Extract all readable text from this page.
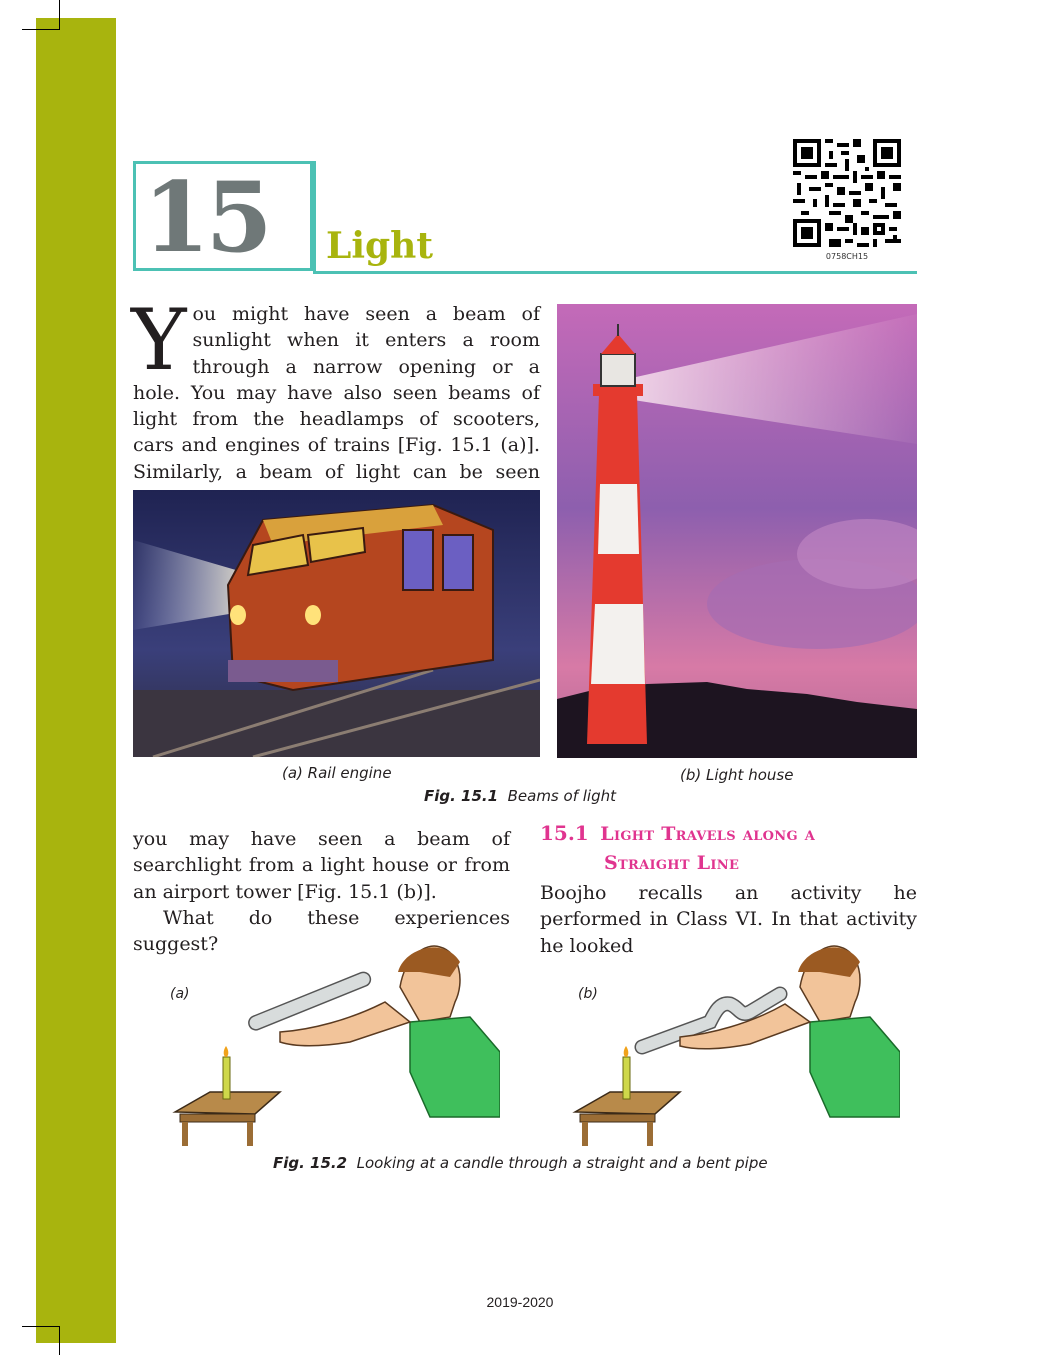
15	Light	0758CH15
You might have seen a beam of sunlight when it enters a room through a narrow opening or a hole. You may have also seen beams of light from the headlamps of scooters, cars and engines of trains [Fig. 15.1 (a)]. Similarly, a beam of light can be seen
(a) Rail engine	(b) Light house
Fig. 15.1 Beams of light
you may have seen a beam of searchlight from a light house or from an airport tower [Fig. 15.1 (b)].
What do these experiences suggest?
15.1 Light Travels along a
Straight Line
Boojho recalls an activity he performed in Class VI. In that activity he looked
(a)	(b)
Fig. 15.2 Looking at a candle through a straight and a bent pipe
2019-2020
